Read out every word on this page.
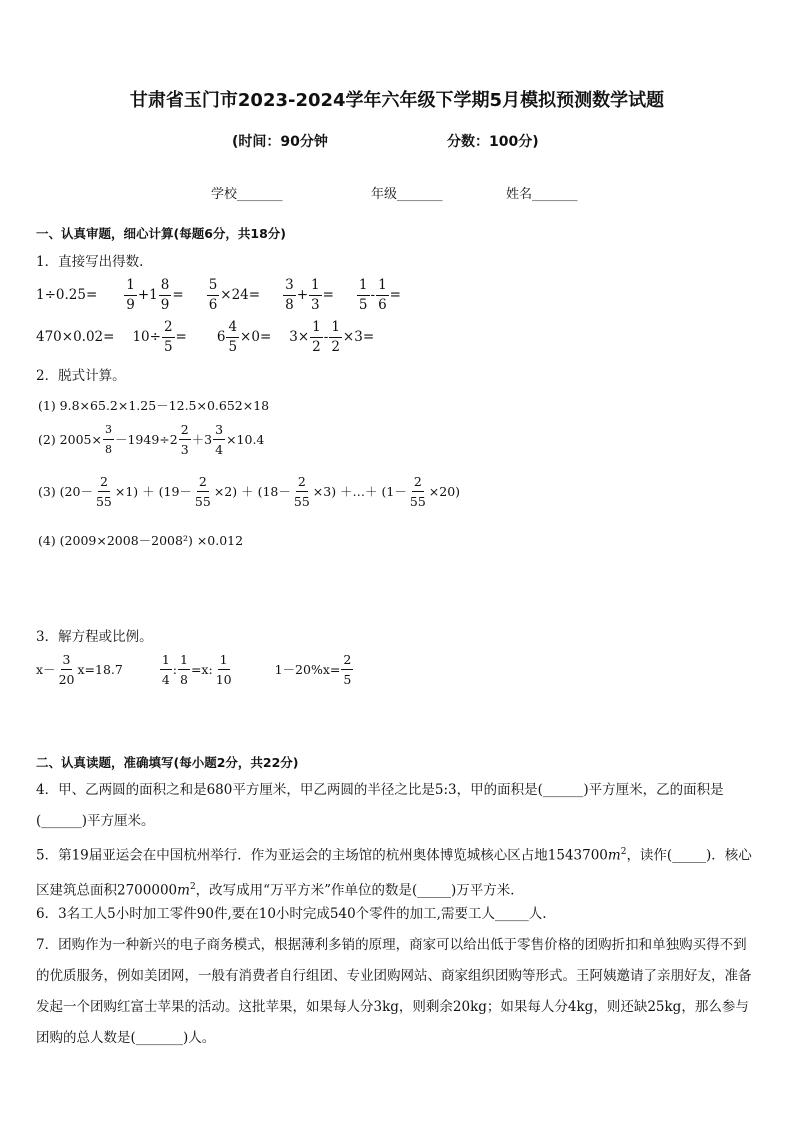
甘肃省玉门市2023-2024学年六年级下学期5月模拟预测数学试题
(时间：90分钟	分数：100分)
学校_______	年级_______	姓名_______
一、认真审题，细心计算(每题6分，共18分)
1．直接写出得数.
$1\div 0.25= \frac{1}{9} +1 \frac{8}{9} = \frac{5}{6} \times 24= \frac{3}{8} + \frac{1}{3} = \frac{1}{5} - \frac{1}{6}$ =
$470\times 0.02= 10\div \frac{2}{5} = 6 \frac{4}{5} \times 0= 3\times \frac{1}{2} - \frac{1}{2} \times 3=$
2．脱式计算。
(1) 9.8×65.2×1.25－12.5×0.652×18
(2) $2005\times \frac{3}{8} -1949\div 2 \frac{2}{3} +3 \frac{3}{4} \times 10.4$
(3) $(20- \frac{2}{55} \times 1) + (19- \frac{2}{55} \times 2) + (18- \frac{2}{55} \times 3)$ ＋…＋ $(1- \frac{2}{55} \times 20)$
(4) (2009×2008－2008²) ×0.012
3．解方程或比例。
$x- \frac{3}{20} x=18.7$	$\frac{1}{4}$ : $\frac{1}{8} =x$: $\frac{1}{10}$	$1-20\%x= \frac{2}{5}$
二、认真读题，准确填写(每小题2分，共22分)
4．甲、乙两圆的面积之和是680平方厘米，甲乙两圆的半径之比是5:3，甲的面积是(______)平方厘米，乙的面积是(______)平方厘米。
5．第19届亚运会在中国杭州举行．作为亚运会的主场馆的杭州奥体博览城核心区占地$1543700m^2$，读作(_____)．核心区建筑总面积$2700000m^2$，改写成用“万平方米”作单位的数是(_____)万平方米．
6．3名工人5小时加工零件90件,要在10小时完成540个零件的加工,需要工人_____人.
7．团购作为一种新兴的电子商务模式，根据薄利多销的原理，商家可以给出低于零售价格的团购折扣和单独购买得不到的优质服务，例如美团网，一般有消费者自行组团、专业团购网站、商家组织团购等形式。王阿姨邀请了亲朋好友，准备发起一个团购红富士苹果的活动。这批苹果，如果每人分3kg，则剩余20kg；如果每人分4kg，则还缺25kg，那么参与团购的总人数是(_______)人。
